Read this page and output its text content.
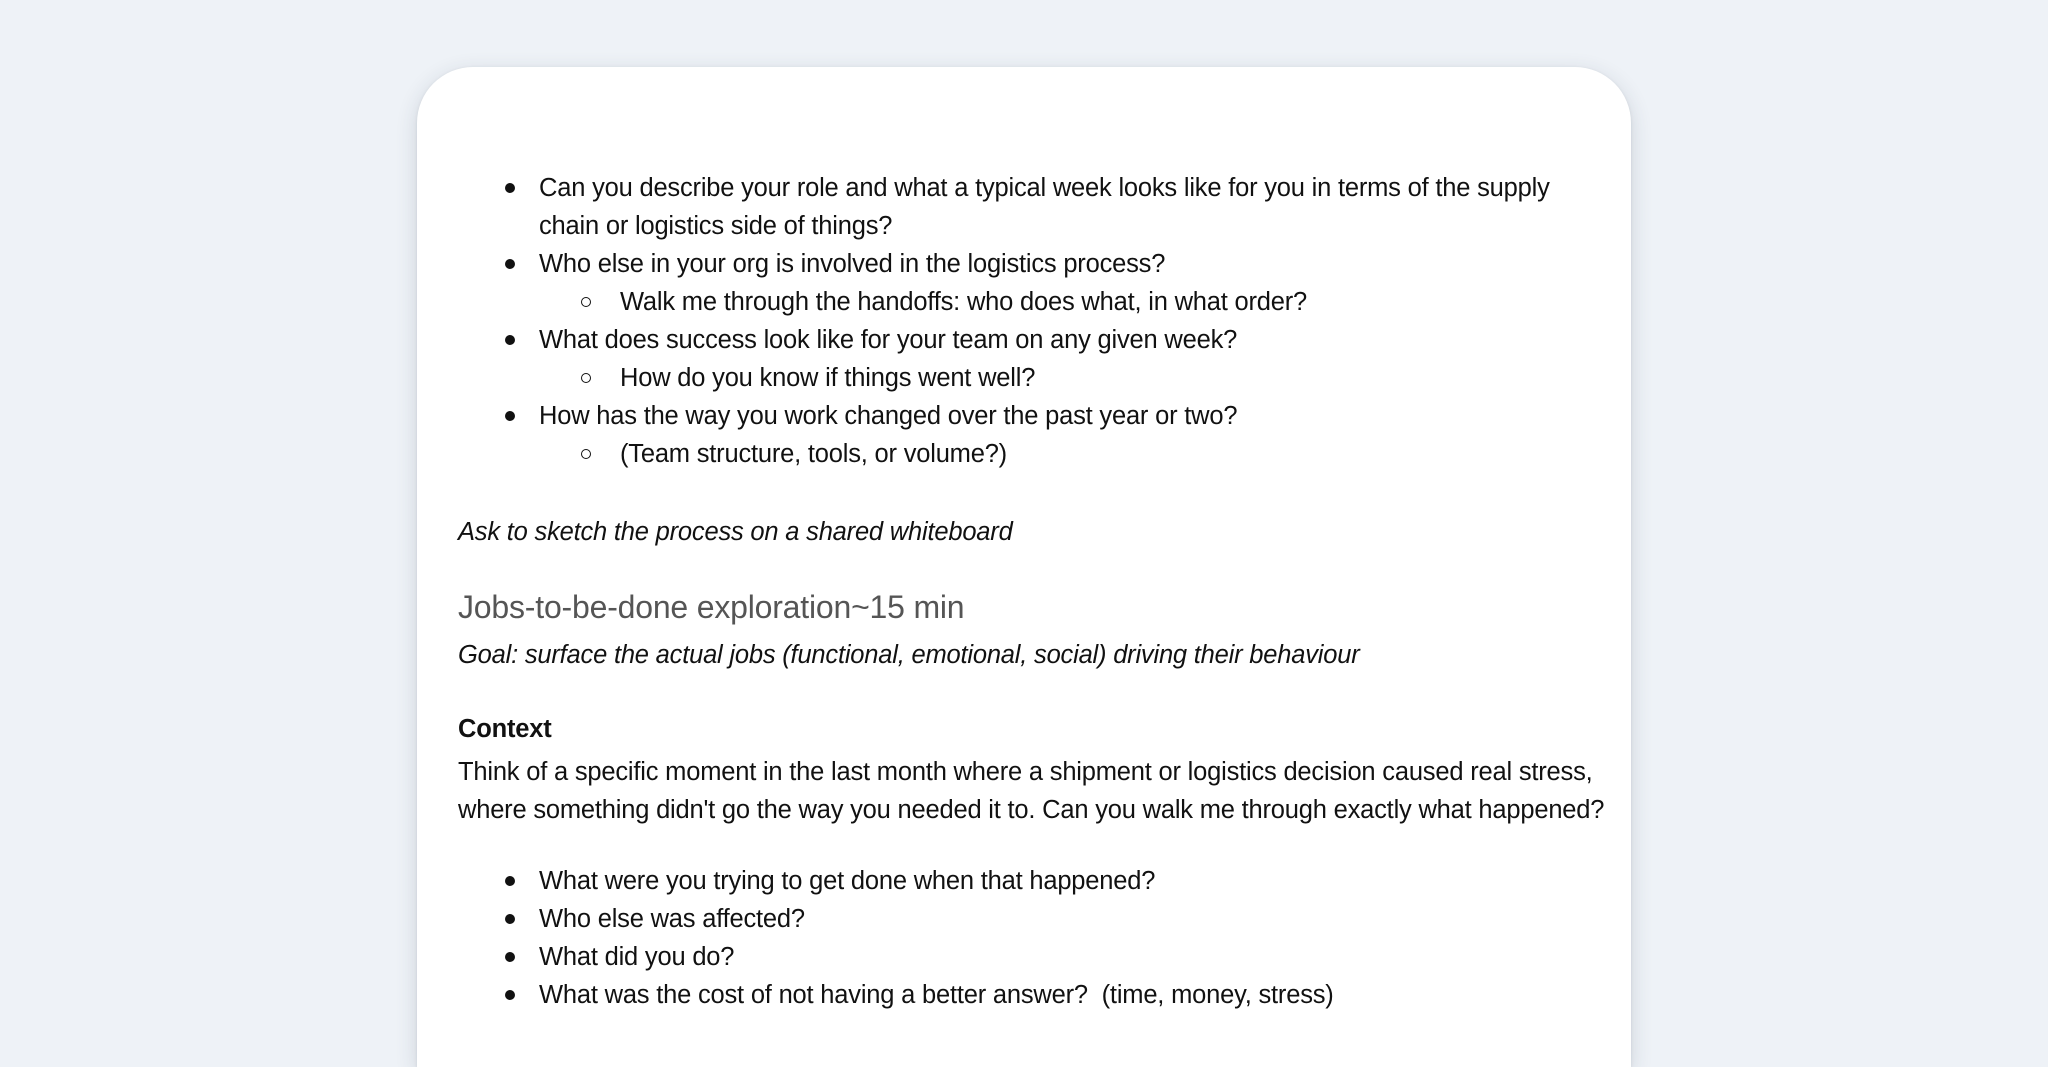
Can you describe your role and what a typical week looks like for you in terms of the supply chain or logistics side of things?
Who else in your org is involved in the logistics process?
Walk me through the handoffs: who does what, in what order?
What does success look like for your team on any given week?
How do you know if things went well?
How has the way you work changed over the past year or two?
(Team structure, tools, or volume?)

Ask to sketch the process on a shared whiteboard

Jobs-to-be-done exploration~15 min

Goal: surface the actual jobs (functional, emotional, social) driving their behaviour

Context

Think of a specific moment in the last month where a shipment or logistics decision caused real stress, where something didn't go the way you needed it to. Can you walk me through exactly what happened?

What were you trying to get done when that happened?
Who else was affected?
What did you do?
What was the cost of not having a better answer?  (time, money, stress)
